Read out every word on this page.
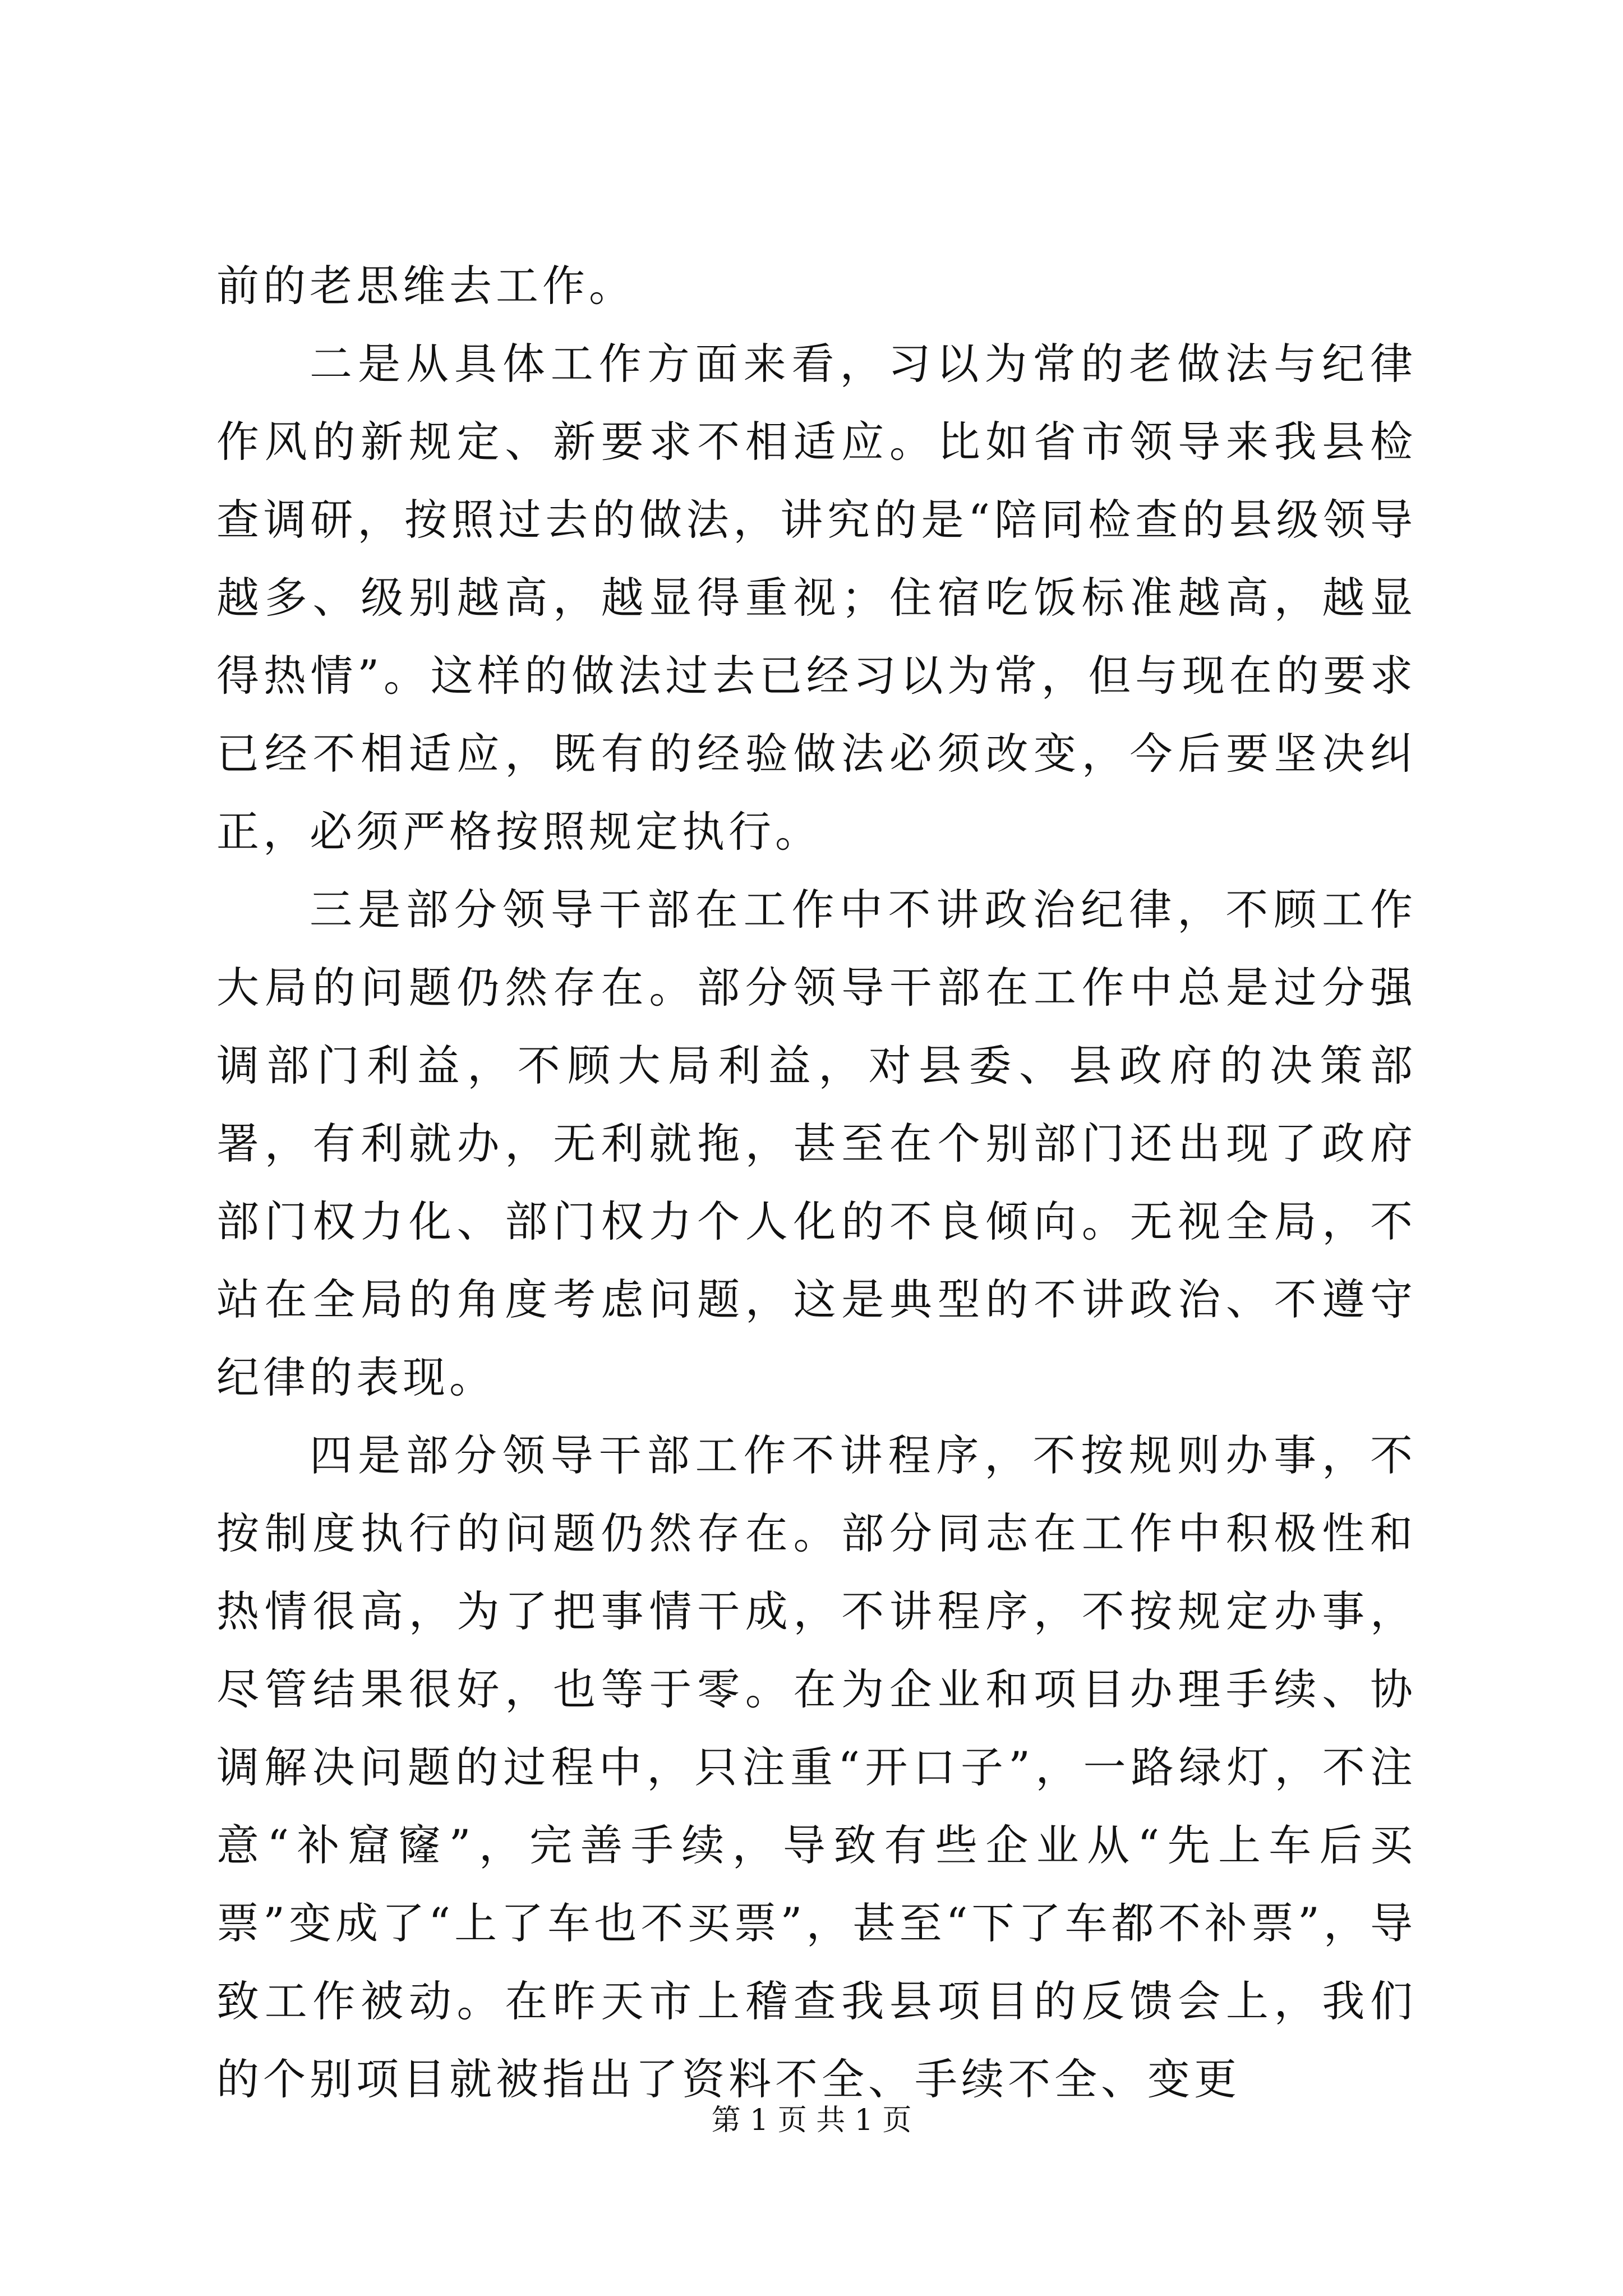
前的老思维去工作。

二是从具体工作方面来看，习以为常的老做法与纪律作风的新规定、新要求不相适应。比如省市领导来我县检查调研，按照过去的做法，讲究的是“陪同检查的县级领导越多、级别越高，越显得重视；住宿吃饭标准越高，越显得热情”。这样的做法过去已经习以为常，但与现在的要求已经不相适应，既有的经验做法必须改变，今后要坚决纠正，必须严格按照规定执行。

三是部分领导干部在工作中不讲政治纪律，不顾工作大局的问题仍然存在。部分领导干部在工作中总是过分强调部门利益，不顾大局利益，对县委、县政府的决策部署，有利就办，无利就拖，甚至在个别部门还出现了政府部门权力化、部门权力个人化的不良倾向。无视全局，不站在全局的角度考虑问题，这是典型的不讲政治、不遵守纪律的表现。

四是部分领导干部工作不讲程序，不按规则办事，不按制度执行的问题仍然存在。部分同志在工作中积极性和热情很高，为了把事情干成，不讲程序，不按规定办事，尽管结果很好，也等于零。在为企业和项目办理手续、协调解决问题的过程中，只注重“开口子”，一路绿灯，不注意“补窟窿”，完善手续，导致有些企业从“先上车后买票”变成了“上了车也不买票”，甚至“下了车都不补票”，导致工作被动。在昨天市上稽查我县项目的反馈会上，我们的个别项目就被指出了资料不全、手续不全、变更

第 1 页 共 1 页
